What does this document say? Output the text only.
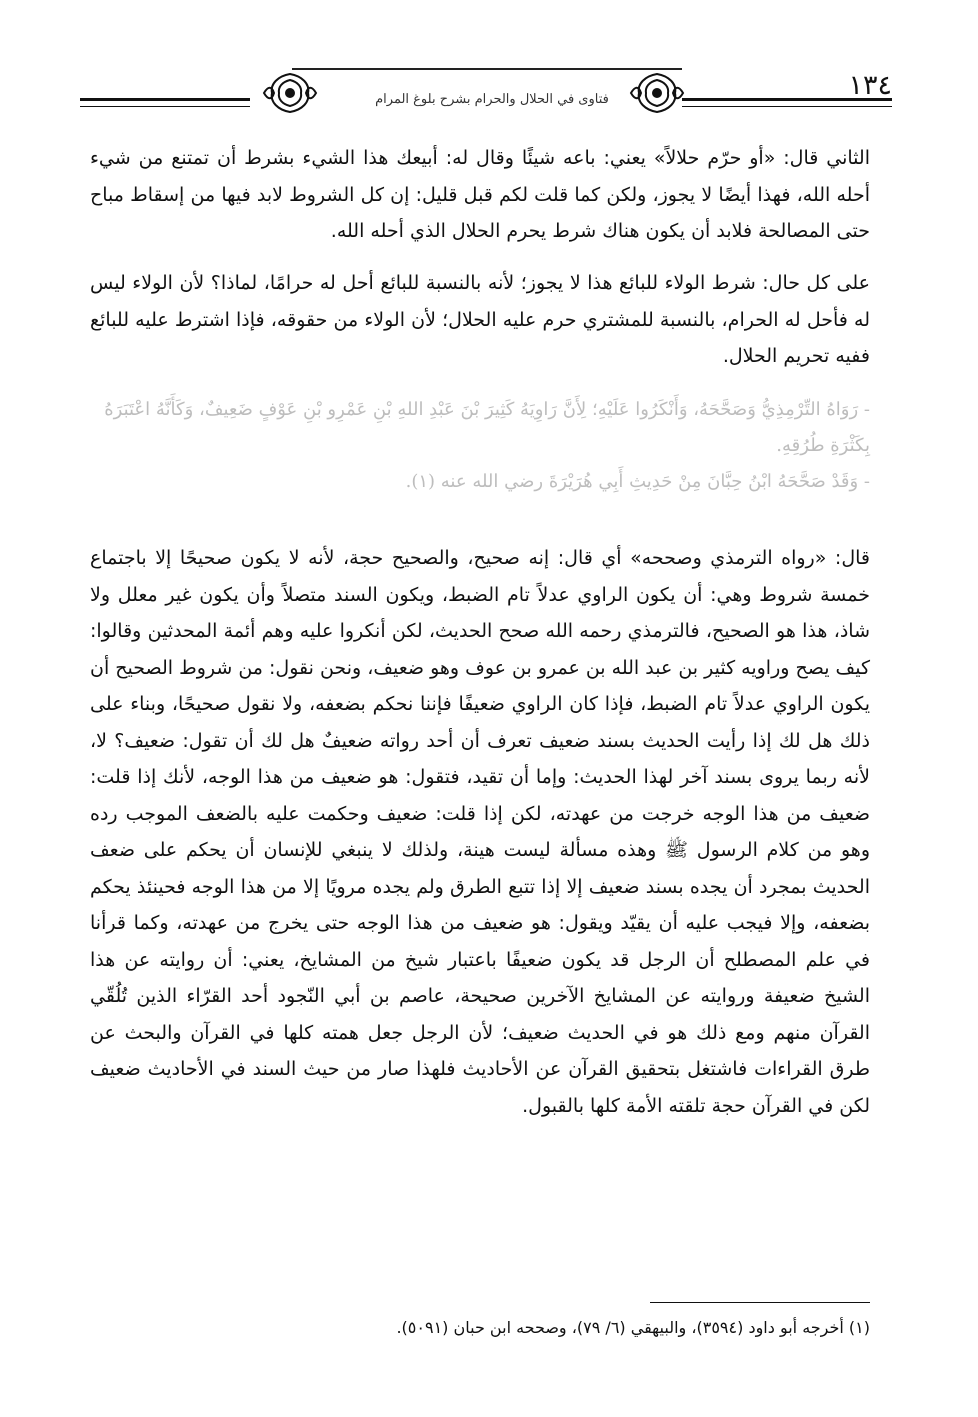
فتاوى في الحلال والحرام بشرح بلوغ المرام	١٣٤

الثاني قال: «أو حرّم حلالاً» يعني: باعه شيئًا وقال له: أبيعك هذا الشيء بشرط أن تمتنع من شيء أحله الله، فهذا أيضًا لا يجوز، ولكن كما قلت لكم قبل قليل: إن كل الشروط لابد فيها من إسقاط مباح حتى المصالحة فلابد أن يكون هناك شرط يحرم الحلال الذي أحله الله.

على كل حال: شرط الولاء للبائع هذا لا يجوز؛ لأنه بالنسبة للبائع أحل له حرامًا، لماذا؟ لأن الولاء ليس له فأحل له الحرام، بالنسبة للمشتري حرم عليه الحلال؛ لأن الولاء من حقوقه، فإذا اشترط عليه للبائع ففيه تحريم الحلال.

- رَوَاهُ التِّرْمِذِيُّ وَصَحَّحَهُ، وَأَنْكَرُوا عَلَيْهِ؛ لِأَنَّ رَاوِيَهُ كَثِيرَ بْنَ عَبْدِ اللهِ بْنِ عَمْرِو بْنِ عَوْفٍ ضَعِيفٌ، وَكَأَنَّهُ اعْتَبَرَهُ بِكَثْرَةِ طُرُقِهِ.

- وَقَدْ صَحَّحَهُ ابْنُ حِبَّانَ مِنْ حَدِيثِ أَبِي هُرَيْرَةَ رضي الله عنه (١).

قال: «رواه الترمذي وصححه» أي قال: إنه صحيح، والصحيح حجة، لأنه لا يكون صحيحًا إلا باجتماع خمسة شروط وهي: أن يكون الراوي عدلاً تام الضبط، ويكون السند متصلاً وأن يكون غير معلل ولا شاذ، هذا هو الصحيح، فالترمذي رحمه الله صحح الحديث، لكن أنكروا عليه وهم أئمة المحدثين وقالوا: كيف يصح وراويه كثير بن عبد الله بن عمرو بن عوف وهو ضعيف، ونحن نقول: من شروط الصحيح أن يكون الراوي عدلاً تام الضبط، فإذا كان الراوي ضعيفًا فإننا نحكم بضعفه، ولا نقول صحيحًا، وبناء على ذلك هل لك إذا رأيت الحديث بسند ضعيف تعرف أن أحد رواته ضعيفٌ هل لك أن تقول: ضعيف؟ لا، لأنه ربما يروى بسند آخر لهذا الحديث: وإما أن تقيد، فتقول: هو ضعيف من هذا الوجه، لأنك إذا قلت: ضعيف من هذا الوجه خرجت من عهدته، لكن إذا قلت: ضعيف وحكمت عليه بالضعف الموجب رده وهو من كلام الرسول ﷺ وهذه مسألة ليست هينة، ولذلك لا ينبغي للإنسان أن يحكم على ضعف الحديث بمجرد أن يجده بسند ضعيف إلا إذا تتبع الطرق ولم يجده مرويًا إلا من هذا الوجه فحينئذ يحكم بضعفه، وإلا فيجب عليه أن يقيّد ويقول: هو ضعيف من هذا الوجه حتى يخرج من عهدته، وكما قرأنا في علم المصطلح أن الرجل قد يكون ضعيفًا باعتبار شيخ من المشايخ، يعني: أن روايته عن هذا الشيخ ضعيفة وروايته عن المشايخ الآخرين صحيحة، عاصم بن أبي النّجود أحد القرّاء الذين تُلُقّي القرآن منهم ومع ذلك هو في الحديث ضعيف؛ لأن الرجل جعل همته كلها في القرآن والبحث عن طرق القراءات فاشتغل بتحقيق القرآن عن الأحاديث فلهذا صار من حيث السند في الأحاديث ضعيف لكن في القرآن حجة تلقته الأمة كلها بالقبول.

(١) أخرجه أبو داود (٣٥٩٤)، والبيهقي (٦/ ٧٩)، وصححه ابن حبان (٥٠٩١).
